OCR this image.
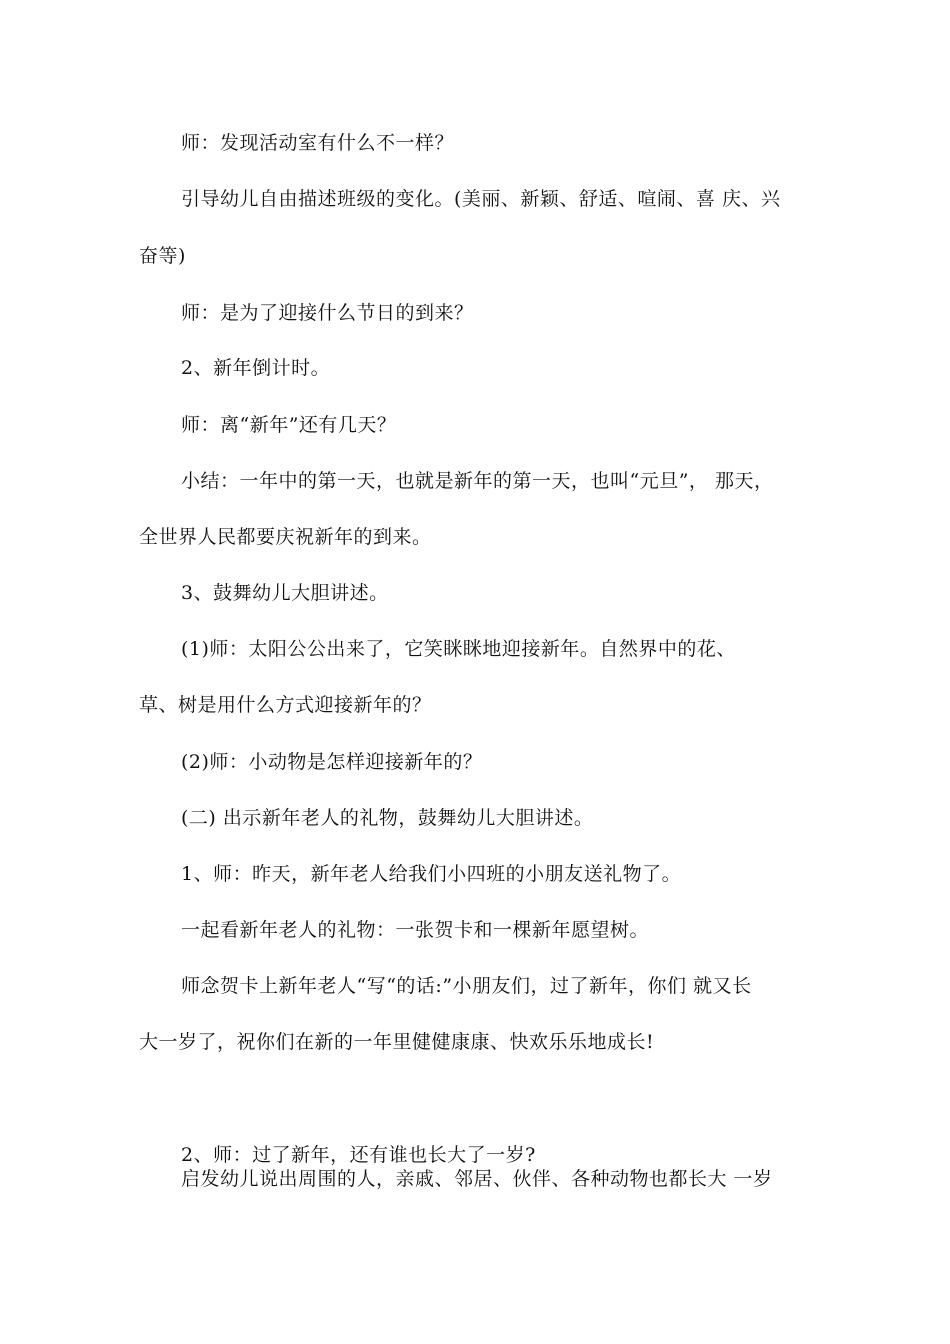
师：发现活动室有什么不一样？
引导幼儿自由描述班级的变化。(美丽、新颖、舒适、喧闹、喜 庆、兴
奋等)
师：是为了迎接什么节日的到来？
2、新年倒计时。
师：离“新年”还有几天？
小结：一年中的第一天，也就是新年的第一天，也叫“元旦”， 那天，
全世界人民都要庆祝新年的到来。
3、鼓舞幼儿大胆讲述。
(1)师：太阳公公出来了，它笑眯眯地迎接新年。自然界中的花、
草、树是用什么方式迎接新年的？
(2)师：小动物是怎样迎接新年的？
(二) 出示新年老人的礼物，鼓舞幼儿大胆讲述。
1、师：昨天，新年老人给我们小四班的小朋友送礼物了。
一起看新年老人的礼物：一张贺卡和一棵新年愿望树。
师念贺卡上新年老人“写“的话:”小朋友们，过了新年，你们 就又长
大一岁了，祝你们在新的一年里健健康康、快欢乐乐地成长!
2、师：过了新年，还有谁也长大了一岁?
启发幼儿说出周围的人，亲戚、邻居、伙伴、各种动物也都长大 一岁
